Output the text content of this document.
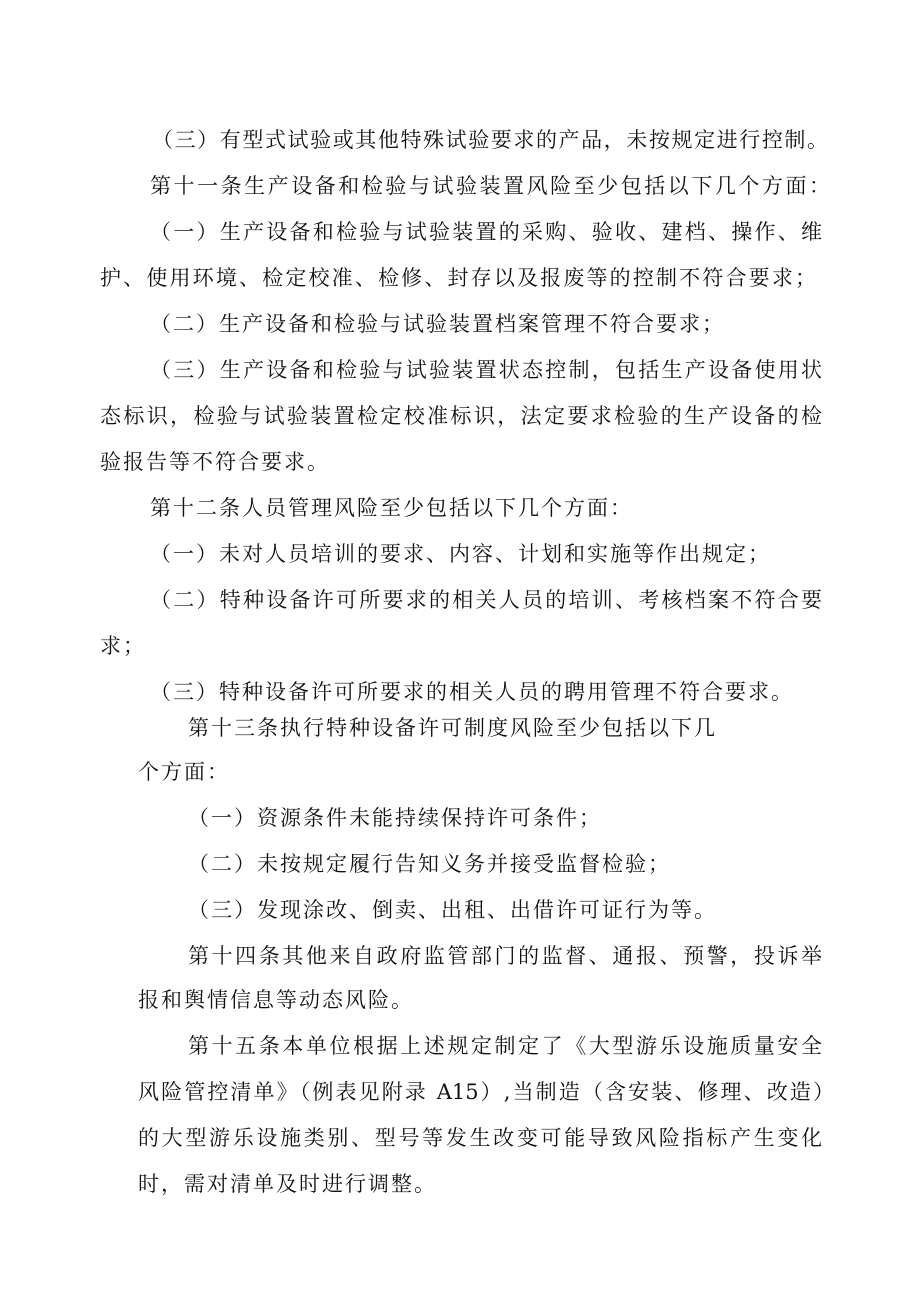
（三）有型式试验或其他特殊试验要求的产品，未按规定进行控制。
第十一条生产设备和检验与试验装置风险至少包括以下几个方面：
（一）生产设备和检验与试验装置的采购、验收、建档、操作、维
护、使用环境、检定校准、检修、封存以及报废等的控制不符合要求；
（二）生产设备和检验与试验装置档案管理不符合要求；
（三）生产设备和检验与试验装置状态控制，包括生产设备使用状
态标识，检验与试验装置检定校准标识，法定要求检验的生产设备的检
验报告等不符合要求。
第十二条人员管理风险至少包括以下几个方面：
（一）未对人员培训的要求、内容、计划和实施等作出规定；
（二）特种设备许可所要求的相关人员的培训、考核档案不符合要
求；
（三）特种设备许可所要求的相关人员的聘用管理不符合要求。
第十三条执行特种设备许可制度风险至少包括以下几
个方面：
（一）资源条件未能持续保持许可条件；
（二）未按规定履行告知义务并接受监督检验；
（三）发现涂改、倒卖、出租、出借许可证行为等。
第十四条其他来自政府监管部门的监督、通报、预警，投诉举
报和舆情信息等动态风险。
第十五条本单位根据上述规定制定了《大型游乐设施质量安全
风险管控清单》（例表见附录 A15）,当制造（含安装、修理、改造）
的大型游乐设施类别、型号等发生改变可能导致风险指标产生变化
时，需对清单及时进行调整。
